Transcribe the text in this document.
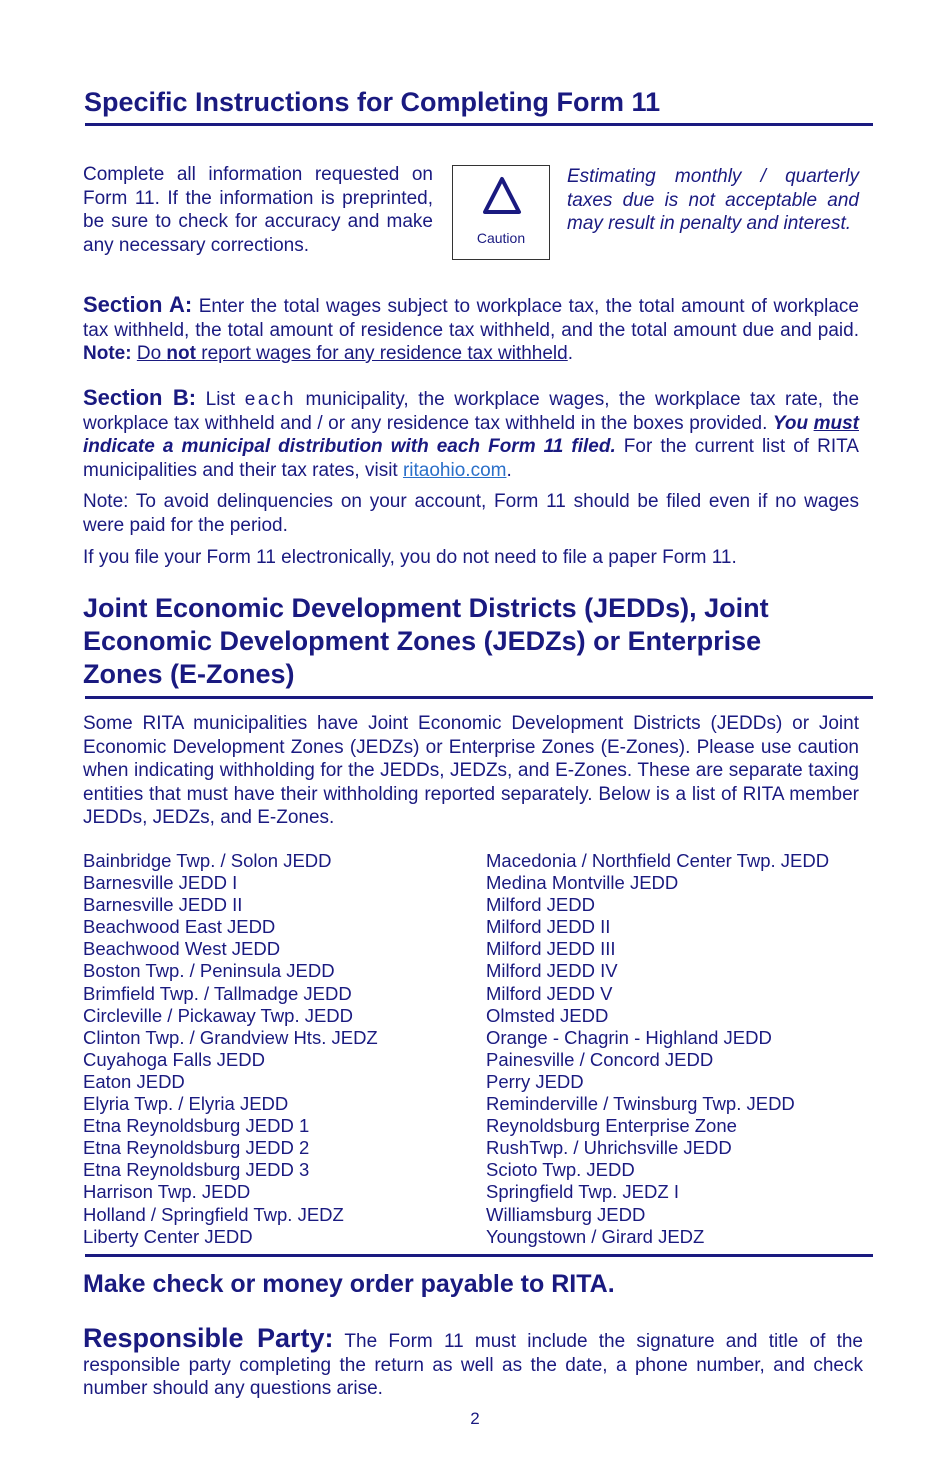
Specific Instructions for Completing Form 11
Complete all information requested on Form 11. If the information is preprinted, be sure to check for accuracy and make any necessary corrections.	Caution
Estimating monthly / quarterly taxes due is not acceptable and may result in penalty and interest.
Section A: Enter the total wages subject to workplace tax, the total amount of workplace tax withheld, the total amount of residence tax withheld, and the total amount due and paid. Note: Do not report wages for any residence tax withheld.
Section B: List each municipality, the workplace wages, the workplace tax rate, the workplace tax withheld and / or any residence tax withheld in the boxes provided. You must indicate a municipal distribution with each Form 11 filed. For the current list of RITA municipalities and their tax rates, visit ritaohio.com.
Note: To avoid delinquencies on your account, Form 11 should be filed even if no wages were paid for the period.
If you file your Form 11 electronically, you do not need to file a paper Form 11.
Joint Economic Development Districts (JEDDs), Joint Economic Development Zones (JEDZs) or Enterprise Zones (E-Zones)
Some RITA municipalities have Joint Economic Development Districts (JEDDs) or Joint Economic Development Zones (JEDZs) or Enterprise Zones (E-Zones). Please use caution when indicating withholding for the JEDDs, JEDZs, and E-Zones. These are separate taxing entities that must have their withholding reported separately. Below is a list of RITA member JEDDs, JEDZs, and E-Zones.
Bainbridge Twp. / Solon JEDD
Barnesville JEDD I
Barnesville JEDD II
Beachwood East JEDD
Beachwood West JEDD
Boston Twp. / Peninsula JEDD
Brimfield Twp. / Tallmadge JEDD
Circleville / Pickaway Twp. JEDD
Clinton Twp. / Grandview Hts. JEDZ
Cuyahoga Falls JEDD
Eaton JEDD
Elyria Twp. / Elyria JEDD
Etna Reynoldsburg JEDD 1
Etna Reynoldsburg JEDD 2
Etna Reynoldsburg JEDD 3
Harrison Twp. JEDD
Holland / Springfield Twp. JEDZ
Liberty Center JEDD
Macedonia / Northfield Center Twp. JEDD
Medina Montville JEDD
Milford JEDD
Milford JEDD II
Milford JEDD III
Milford JEDD IV
Milford JEDD V
Olmsted JEDD
Orange - Chagrin - Highland JEDD
Painesville / Concord JEDD
Perry JEDD
Reminderville / Twinsburg Twp. JEDD
Reynoldsburg Enterprise Zone
RushTwp. / Uhrichsville JEDD
Scioto Twp. JEDD
Springfield Twp. JEDZ I
Williamsburg JEDD
Youngstown / Girard JEDZ
Make check or money order payable to RITA.
Responsible Party: The Form 11 must include the signature and title of the responsible party completing the return as well as the date, a phone number, and check number should any questions arise.
2
